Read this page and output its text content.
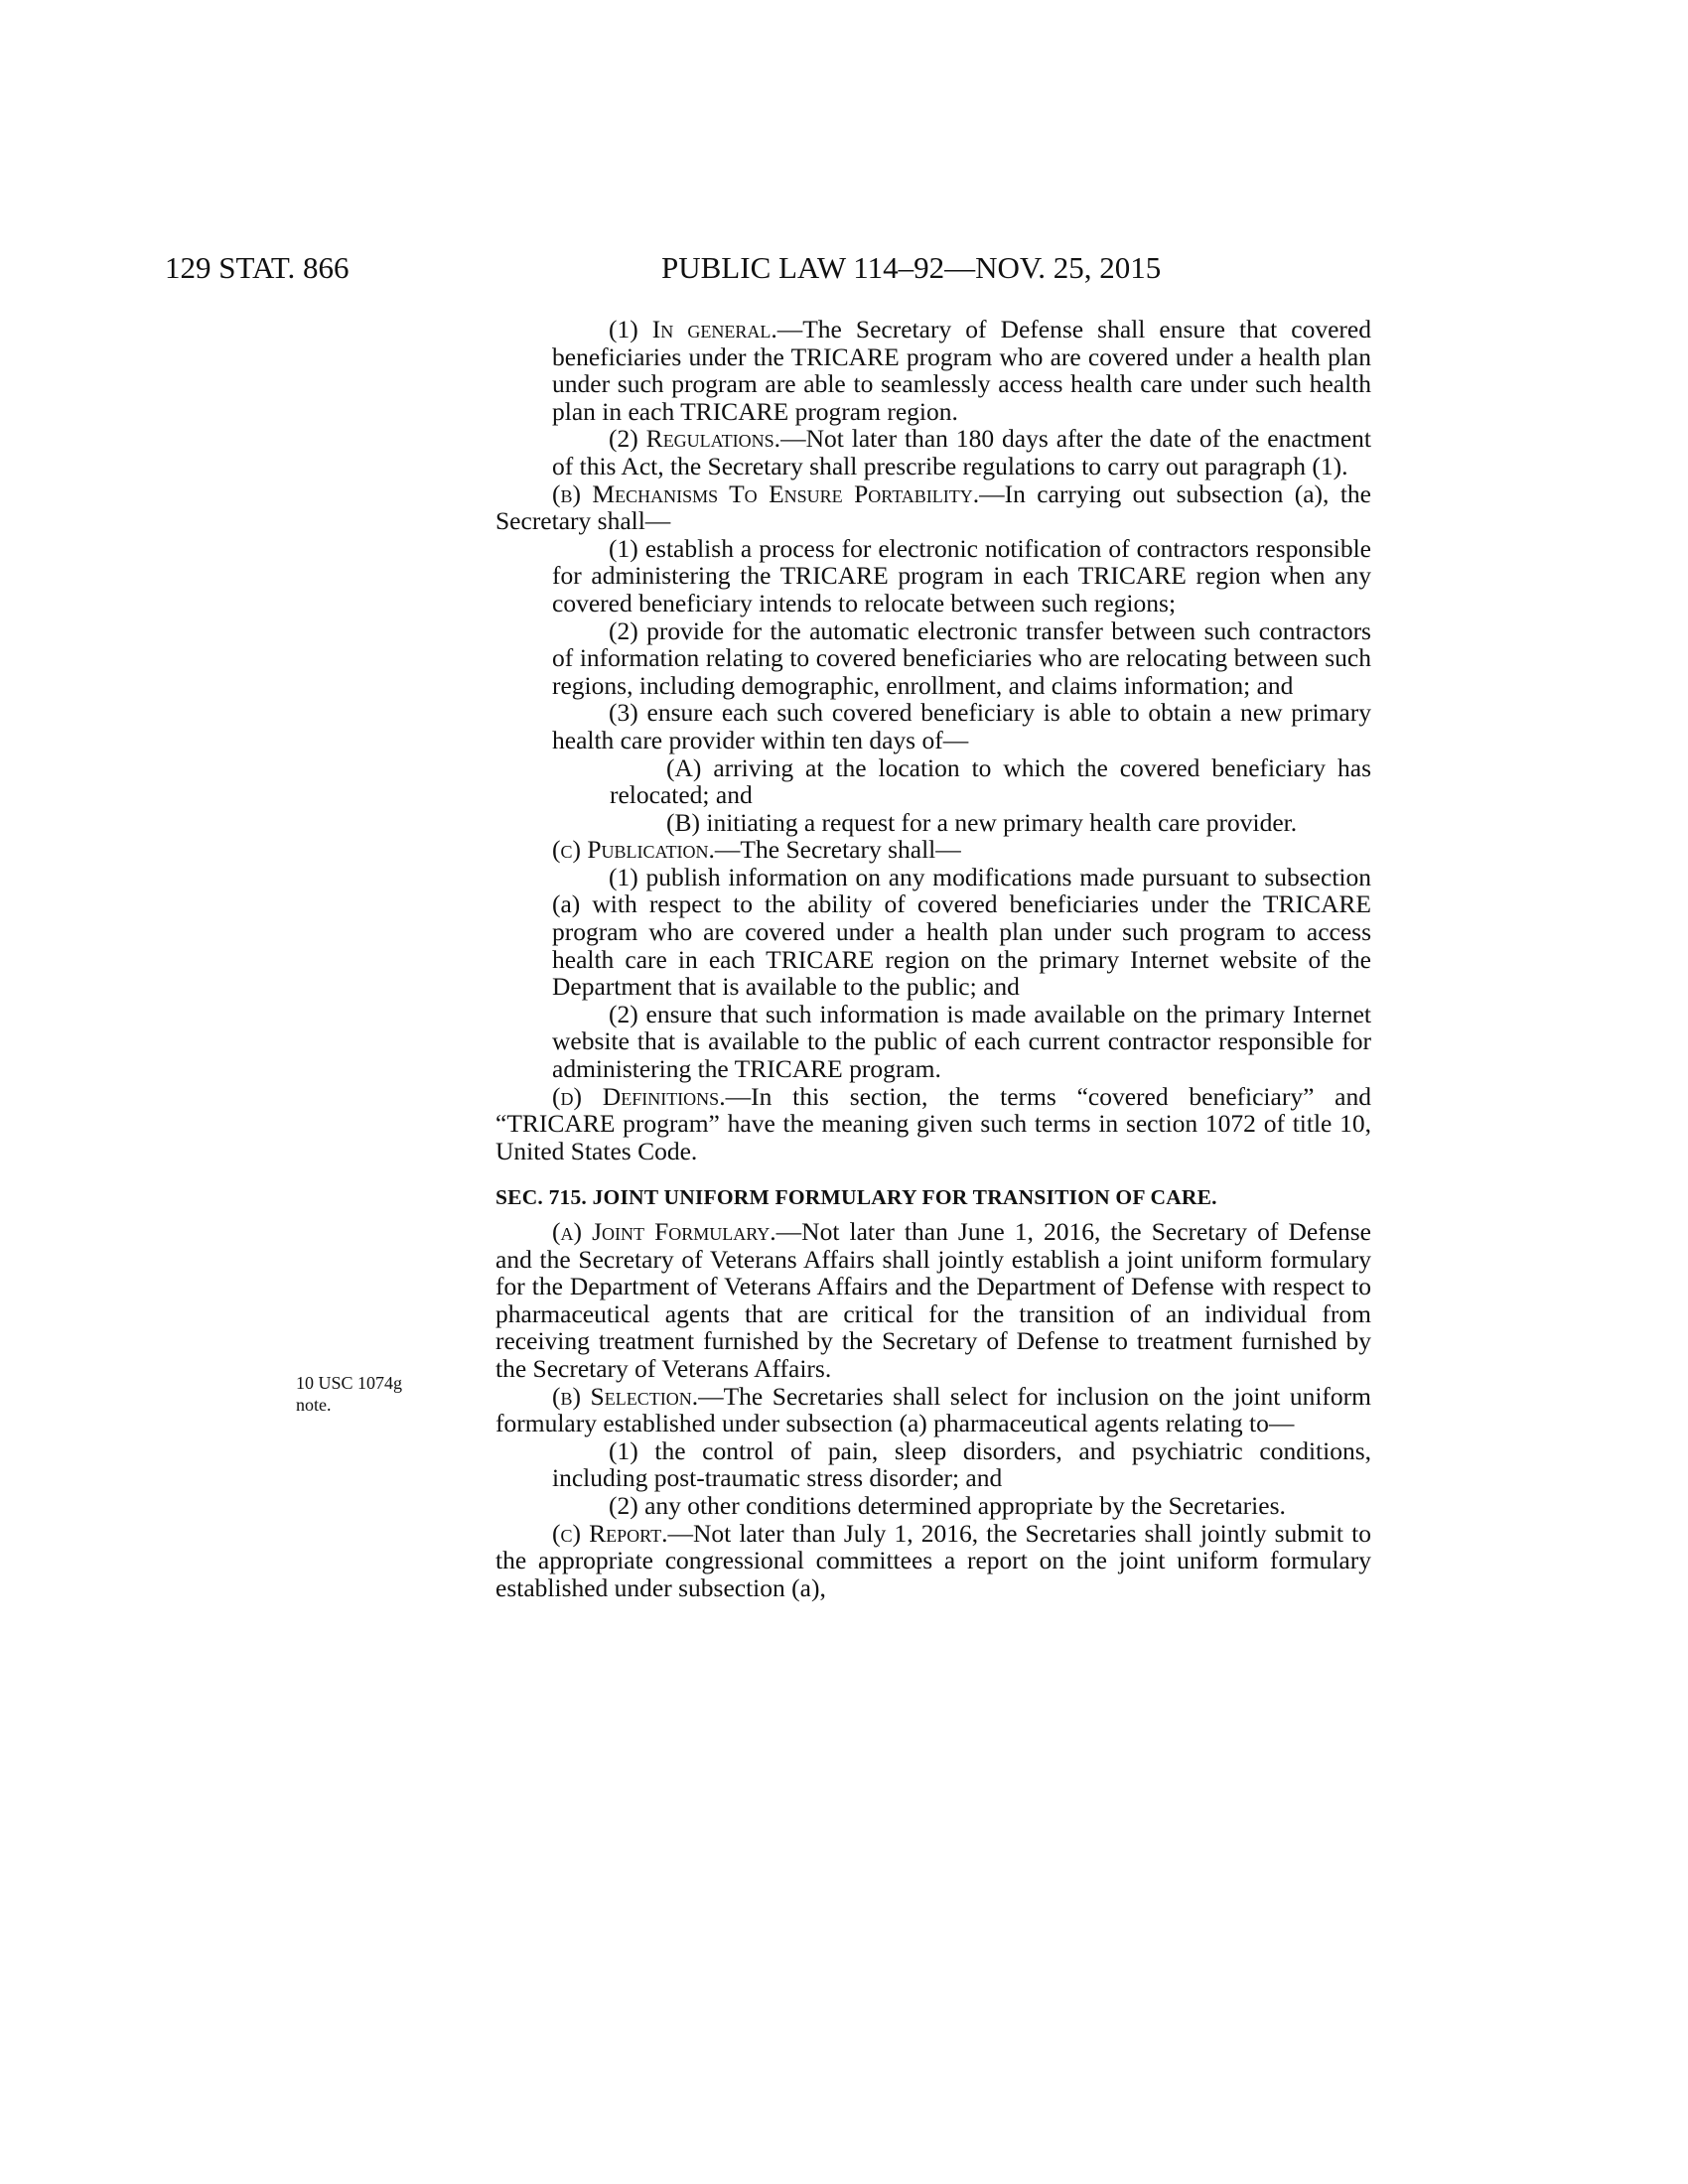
129 STAT. 866	PUBLIC LAW 114–92—NOV. 25, 2015
10 USC 1074g
note.

(1) In general.—The Secretary of Defense shall ensure that covered beneficiaries under the TRICARE program who are covered under a health plan under such program are able to seamlessly access health care under such health plan in each TRICARE program region.

(2) Regulations.—Not later than 180 days after the date of the enactment of this Act, the Secretary shall prescribe regulations to carry out paragraph (1).

(b) Mechanisms To Ensure Portability.—In carrying out subsection (a), the Secretary shall—

(1) establish a process for electronic notification of contractors responsible for administering the TRICARE program in each TRICARE region when any covered beneficiary intends to relocate between such regions;

(2) provide for the automatic electronic transfer between such contractors of information relating to covered beneficiaries who are relocating between such regions, including demographic, enrollment, and claims information; and

(3) ensure each such covered beneficiary is able to obtain a new primary health care provider within ten days of—

(A) arriving at the location to which the covered beneficiary has relocated; and

(B) initiating a request for a new primary health care provider.

(c) Publication.—The Secretary shall—

(1) publish information on any modifications made pursuant to subsection (a) with respect to the ability of covered beneficiaries under the TRICARE program who are covered under a health plan under such program to access health care in each TRICARE region on the primary Internet website of the Department that is available to the public; and

(2) ensure that such information is made available on the primary Internet website that is available to the public of each current contractor responsible for administering the TRICARE program.

(d) Definitions.—In this section, the terms “covered beneficiary” and “TRICARE program” have the meaning given such terms in section 1072 of title 10, United States Code.

SEC. 715. JOINT UNIFORM FORMULARY FOR TRANSITION OF CARE.

(a) Joint Formulary.—Not later than June 1, 2016, the Secretary of Defense and the Secretary of Veterans Affairs shall jointly establish a joint uniform formulary for the Department of Veterans Affairs and the Department of Defense with respect to pharmaceutical agents that are critical for the transition of an individual from receiving treatment furnished by the Secretary of Defense to treatment furnished by the Secretary of Veterans Affairs.

(b) Selection.—The Secretaries shall select for inclusion on the joint uniform formulary established under subsection (a) pharmaceutical agents relating to—

(1) the control of pain, sleep disorders, and psychiatric conditions, including post-traumatic stress disorder; and

(2) any other conditions determined appropriate by the Secretaries.

(c) Report.—Not later than July 1, 2016, the Secretaries shall jointly submit to the appropriate congressional committees a report on the joint uniform formulary established under subsection (a),
